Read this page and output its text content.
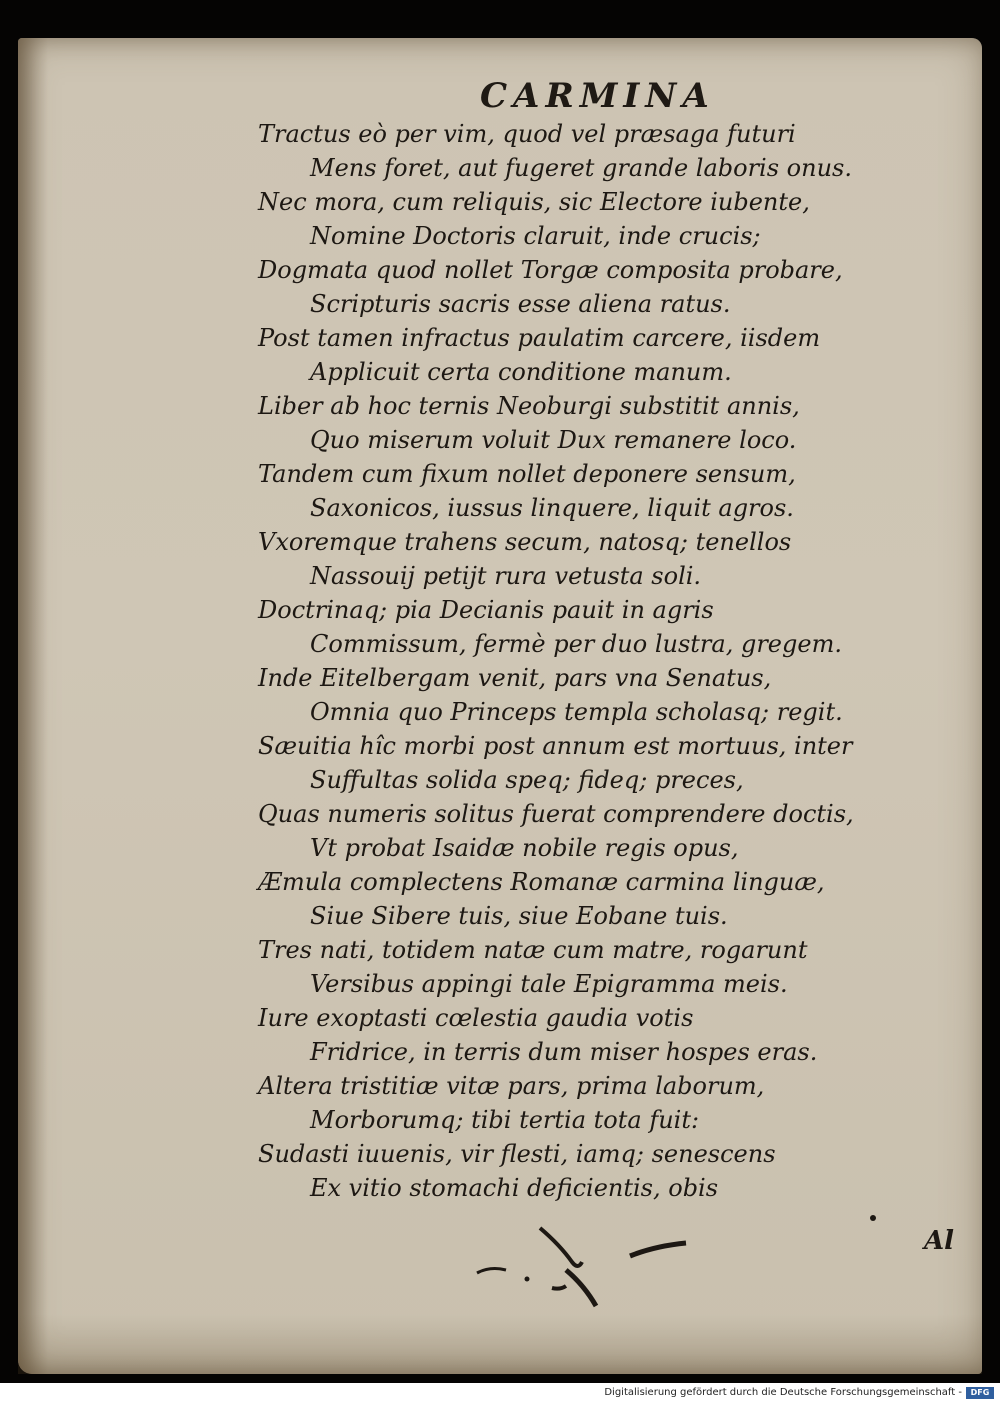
CARMINA
Tractus eò per vim, quod vel præsaga futuri
Mens foret, aut fugeret grande laboris onus.
Nec mora, cum reliquis, sic Electore iubente,
Nomine Doctoris claruit, inde crucis;
Dogmata quod nollet Torgæ composita probare,
Scripturis sacris esse aliena ratus.
Post tamen infractus paulatim carcere, iisdem
Applicuit certa conditione manum.
Liber ab hoc ternis Neoburgi substitit annis,
Quo miserum voluit Dux remanere loco.
Tandem cum fixum nollet deponere sensum,
Saxonicos, iussus linquere, liquit agros.
Vxoremque trahens secum, natosq; tenellos
Nassouij petijt rura vetusta soli.
Doctrinaq; pia Decianis pauit in agris
Commissum, fermè per duo lustra, gregem.
Inde Eitelbergam venit, pars vna Senatus,
Omnia quo Princeps templa scholasq; regit.
Sæuitia hîc morbi post annum est mortuus, inter
Suffultas solida speq; fideq; preces,
Quas numeris solitus fuerat comprendere doctis,
Vt probat Isaidæ nobile regis opus,
Æmula complectens Romanæ carmina linguæ,
Siue Sibere tuis, siue Eobane tuis.
Tres nati, totidem natæ cum matre, rogarunt
Versibus appingi tale Epigramma meis.
Iure exoptasti cœlestia gaudia votis
Fridrice, in terris dum miser hospes eras.
Altera tristitiæ vitæ pars, prima laborum,
Morborumq; tibi tertia tota fuit:
Sudasti iuuenis, vir flesti, iamq; senescens
Ex vitio stomachi deficientis, obis
Al
Digitalisierung gefördert durch die Deutsche Forschungsgemeinschaft -	DFG
